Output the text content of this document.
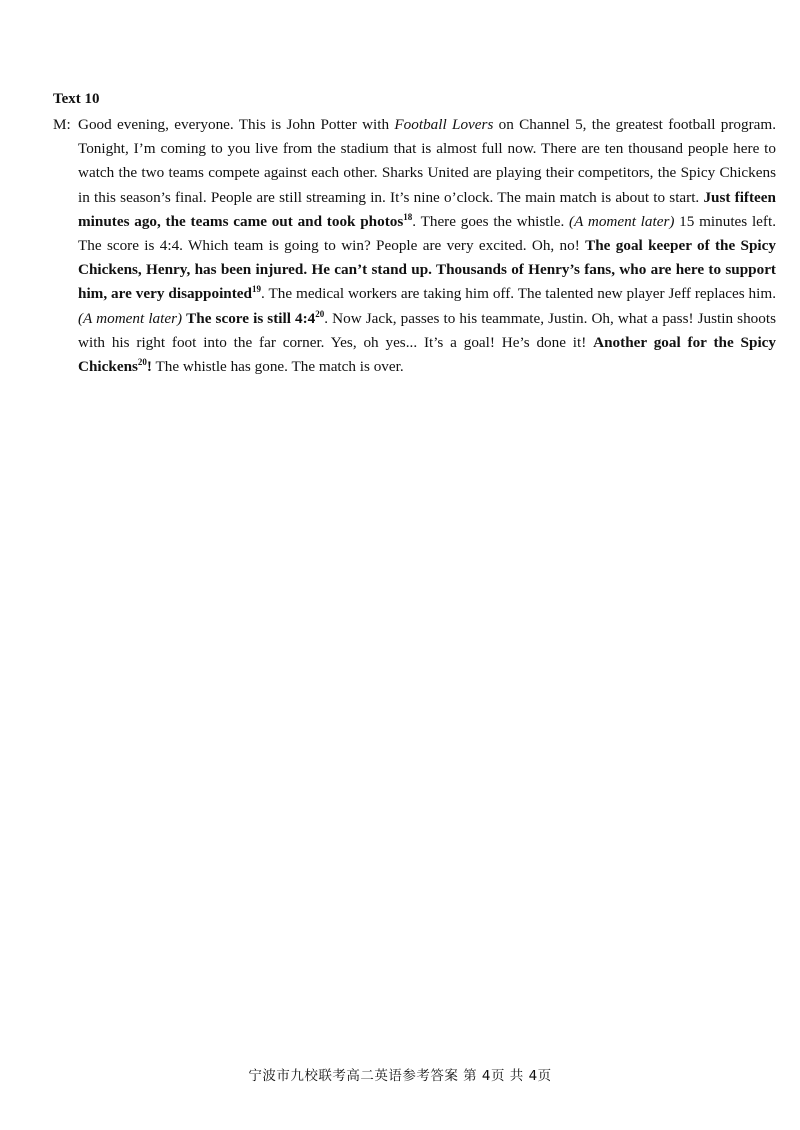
Text 10
M: Good evening, everyone. This is John Potter with Football Lovers on Channel 5, the greatest football program. Tonight, I’m coming to you live from the stadium that is almost full now. There are ten thousand people here to watch the two teams compete against each other. Sharks United are playing their competitors, the Spicy Chickens in this season’s final. People are still streaming in. It’s nine o’clock. The main match is about to start. Just fifteen minutes ago, the teams came out and took photos$^{18}$. There goes the whistle. (A moment later) 15 minutes left. The score is 4:4. Which team is going to win? People are very excited. Oh, no! The goal keeper of the Spicy Chickens, Henry, has been injured. He can’t stand up. Thousands of Henry’s fans, who are here to support him, are very disappointed$^{19}$. The medical workers are taking him off. The talented new player Jeff replaces him. (A moment later) The score is still $4:4^{20}$. Now Jack, passes to his teammate, Justin. Oh, what a pass! Justin shoots with his right foot into the far corner. Yes, oh yes... It’s a goal! He’s done it! Another goal for the Spicy Chickens$^{20}$! The whistle has gone. The match is over.
宁波市九校联考高二英语参考答案 第 4页 共 4页
